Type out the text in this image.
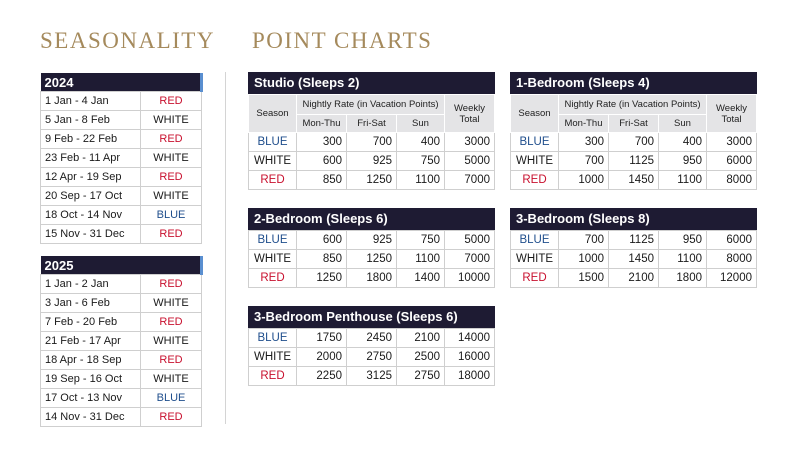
SEASONALITY POINT CHARTS
2024	
1 Jan - 4 Jan	RED
5 Jan - 8 Feb	WHITE
9 Feb - 22 Feb	RED
23 Feb - 11 Apr	WHITE
12 Apr - 19 Sep	RED
20 Sep - 17 Oct	WHITE
18 Oct - 14 Nov	BLUE
15 Nov - 31 Dec	RED
2025	
1 Jan - 2 Jan	RED
3 Jan - 6 Feb	WHITE
7 Feb - 20 Feb	RED
21 Feb - 17 Apr	WHITE
18 Apr - 18 Sep	RED
19 Sep - 16 Oct	WHITE
17 Oct - 13 Nov	BLUE
14 Nov - 31 Dec	RED
Studio (Sleeps 2)
Season	Nightly Rate (in Vacation Points)			Weekly Total
	Mon-Thu	Fri-Sat	Sun	
BLUE	300	700	400	3000
WHITE	600	925	750	5000
RED	850	1250	1100	7000
1-Bedroom (Sleeps 4)
Season	Nightly Rate (in Vacation Points)			Weekly Total
	Mon-Thu	Fri-Sat	Sun	
BLUE	300	700	400	3000
WHITE	700	1125	950	6000
RED	1000	1450	1100	8000
2-Bedroom (Sleeps 6)
BLUE	600	925	750	5000
WHITE	850	1250	1100	7000
RED	1250	1800	1400	10000
3-Bedroom (Sleeps 8)
BLUE	700	1125	950	6000
WHITE	1000	1450	1100	8000
RED	1500	2100	1800	12000
3-Bedroom Penthouse (Sleeps 6)
BLUE	1750	2450	2100	14000
WHITE	2000	2750	2500	16000
RED	2250	3125	2750	18000
